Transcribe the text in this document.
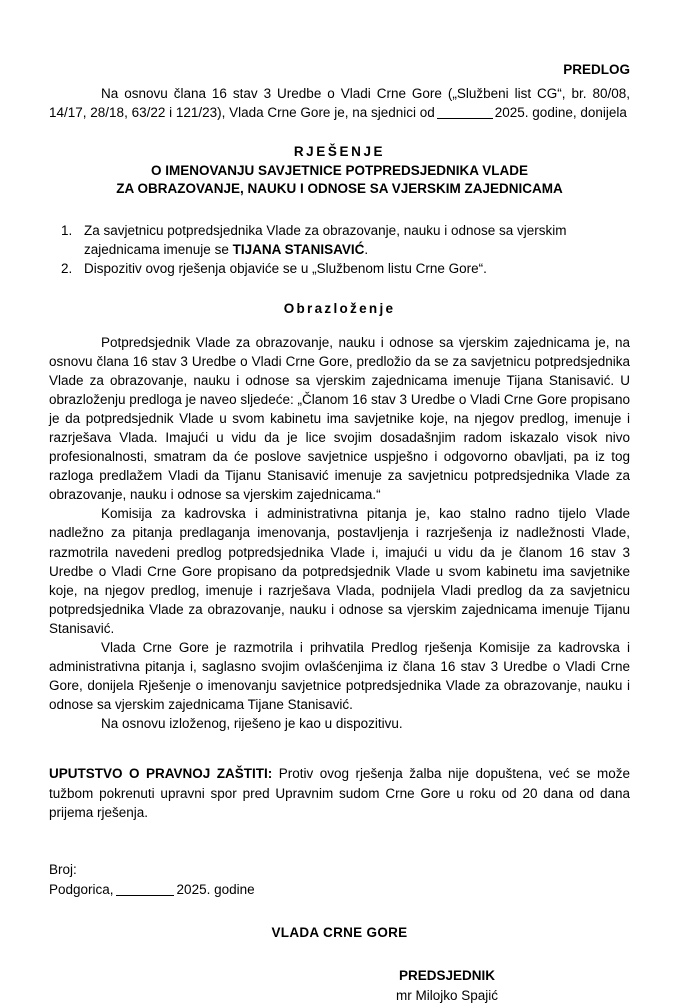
PREDLOG

Na osnovu člana 16 stav 3 Uredbe o Vladi Crne Gore („Službeni list CG“, br. 80/08, 14/17, 28/18, 63/22 i 121/23), Vlada Crne Gore je, na sjednici od	2025. godine, donijela

RJEŠENJE
O IMENOVANJU SAVJETNICE POTPREDSJEDNIKA VLADE
ZA OBRAZOVANJE, NAUKU I ODNOSE SA VJERSKIM ZAJEDNICAMA
1. Za savjetnicu potpredsjednika Vlade za obrazovanje, nauku i odnose sa vjerskim zajednicama imenuje se TIJANA STANISAVIĆ.
2. Dispozitiv ovog rješenja objaviće se u „Službenom listu Crne Gore“.
Obrazloženje

Potpredsjednik Vlade za obrazovanje, nauku i odnose sa vjerskim zajednicama je, na osnovu člana 16 stav 3 Uredbe o Vladi Crne Gore, predložio da se za savjetnicu potpredsjednika Vlade za obrazovanje, nauku i odnose sa vjerskim zajednicama imenuje Tijana Stanisavić. U obrazloženju predloga je naveo sljedeće: „Članom 16 stav 3 Uredbe o Vladi Crne Gore propisano je da potpredsjednik Vlade u svom kabinetu ima savjetnike koje, na njegov predlog, imenuje i razrješava Vlada. Imajući u vidu da je lice svojim dosadašnjim radom iskazalo visok nivo profesionalnosti, smatram da će poslove savjetnice uspješno i odgovorno obavljati, pa iz tog razloga predlažem Vladi da Tijanu Stanisavić imenuje za savjetnicu potpredsjednika Vlade za obrazovanje, nauku i odnose sa vjerskim zajednicama.“

Komisija za kadrovska i administrativna pitanja je, kao stalno radno tijelo Vlade nadležno za pitanja predlaganja imenovanja, postavljenja i razrješenja iz nadležnosti Vlade, razmotrila navedeni predlog potpredsjednika Vlade i, imajući u vidu da je članom 16 stav 3 Uredbe o Vladi Crne Gore propisano da potpredsjednik Vlade u svom kabinetu ima savjetnike koje, na njegov predlog, imenuje i razrješava Vlada, podnijela Vladi predlog da za savjetnicu potpredsjednika Vlade za obrazovanje, nauku i odnose sa vjerskim zajednicama imenuje Tijanu Stanisavić.

Vlada Crne Gore je razmotrila i prihvatila Predlog rješenja Komisije za kadrovska i administrativna pitanja i, saglasno svojim ovlašćenjima iz člana 16 stav 3 Uredbe o Vladi Crne Gore, donijela Rješenje o imenovanju savjetnice potpredsjednika Vlade za obrazovanje, nauku i odnose sa vjerskim zajednicama Tijane Stanisavić.

Na osnovu izloženog, riješeno je kao u dispozitivu.

UPUTSTVO O PRAVNOJ ZAŠTITI: Protiv ovog rješenja žalba nije dopuštena, već se može tužbom pokrenuti upravni spor pred Upravnim sudom Crne Gore u roku od 20 dana od dana prijema rješenja.

Broj:
Podgorica,	2025. godine
VLADA CRNE GORE
PREDSJEDNIK
mr Milojko Spajić
